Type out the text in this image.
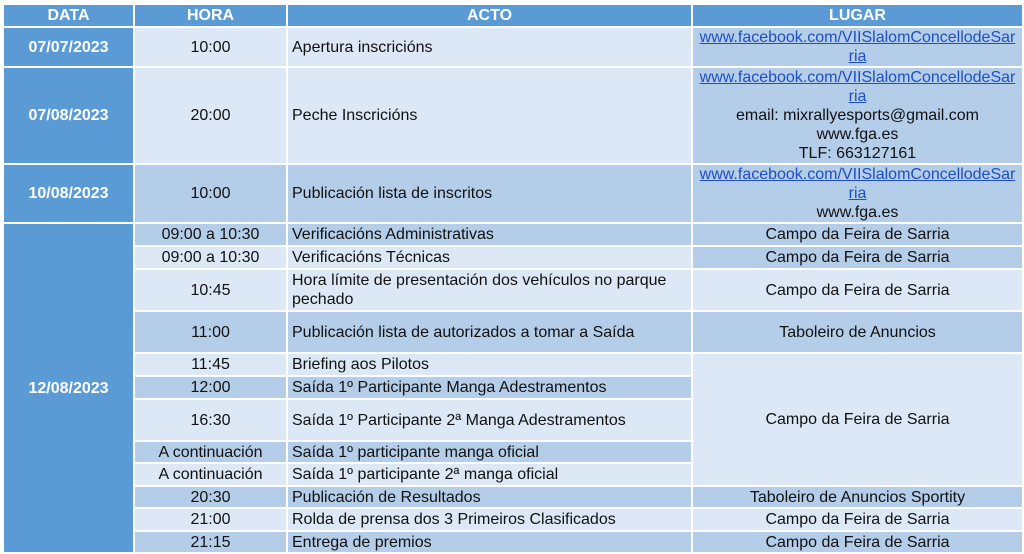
DATA	HORA	ACTO	LUGAR
07/07/2023	10:00	Apertura inscricións	www.facebook.com/VIISlalomConcellodeSarria

07/08/2023	20:00	Peche Inscricións	www.facebook.com/VIISlalomConcellodeSarria
email: mixrallyesports@gmail.com
www.fga.es
TLF: 663127161

10/08/2023	10:00	Publicación lista de inscritos	www.facebook.com/VIISlalomConcellodeSarria
www.fga.es

12/08/2023	09:00 a 10:30	Verificacións Administrativas	Campo da Feira de Sarria
	09:00 a 10:30	Verificacións Técnicas	Campo da Feira de Sarria
	10:45	Hora límite de presentación dos vehículos no parque pechado	Campo da Feira de Sarria
	11:00	Publicación lista de autorizados a tomar a Saída	Taboleiro de Anuncios
	11:45	Briefing aos Pilotos	Campo da Feira de Sarria
	12:00	Saída 1º Participante Manga Adestramentos	
	16:30	Saída 1º Participante 2ª Manga Adestramentos	
	A continuación	Saída 1º participante manga oficial	
	A continuación	Saída 1º participante 2ª manga oficial	
	20:30	Publicación de Resultados	Taboleiro de Anuncios Sportity
	21:00	Rolda de prensa dos 3 Primeiros Clasificados	Campo da Feira de Sarria
	21:15	Entrega de premios	Campo da Feira de Sarria
